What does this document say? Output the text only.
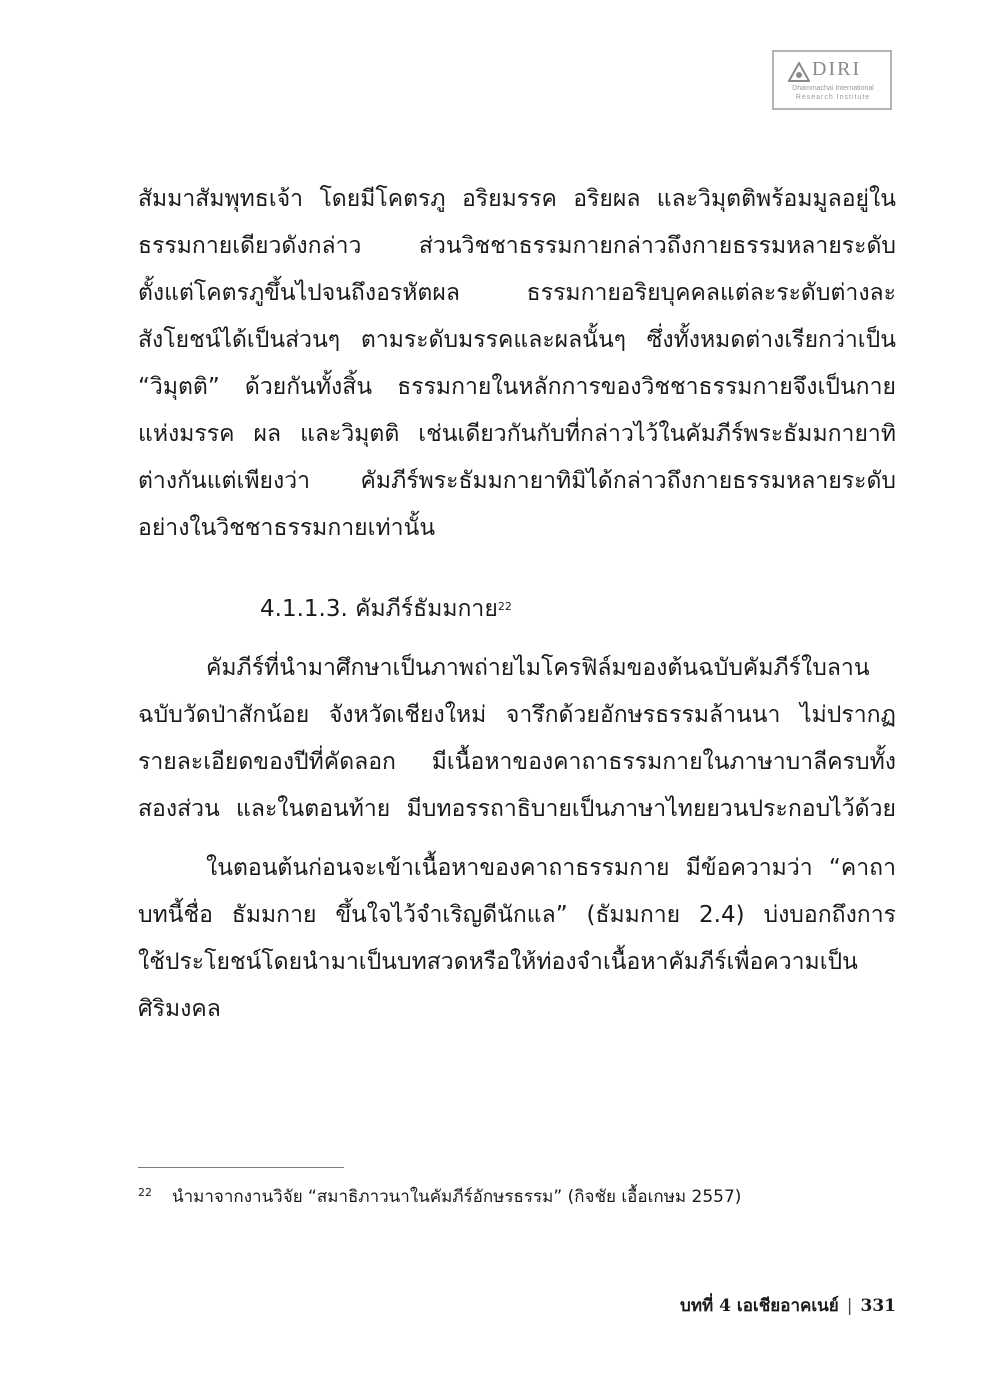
DIRI
Dhammachai International
Research Institute
สัมมาสัมพุทธเจ้า โดยมีโคตรภู อริยมรรค อริยผล และวิมุตติพร้อมมูลอยู่ใน
ธรรมกายเดียวดังกล่าว ส่วนวิชชาธรรมกายกล่าวถึงกายธรรมหลายระดับ
ตั้งแต่โคตรภูขึ้นไปจนถึงอรหัตผล ธรรมกายอริยบุคคลแต่ละระดับต่างละ
สังโยชน์ได้เป็นส่วนๆ ตามระดับมรรคและผลนั้นๆ ซึ่งทั้งหมดต่างเรียกว่าเป็น
“วิมุตติ” ด้วยกันทั้งสิ้น ธรรมกายในหลักการของวิชชาธรรมกายจึงเป็นกาย
แห่งมรรค ผล และวิมุตติ เช่นเดียวกันกับที่กล่าวไว้ในคัมภีร์พระธัมมกายาทิ
ต่างกันแต่เพียงว่า คัมภีร์พระธัมมกายาทิมิได้กล่าวถึงกายธรรมหลายระดับ
อย่างในวิชชาธรรมกายเท่านั้น
4.1.1.3. คัมภีร์ธัมมกาย$^{22}$
คัมภีร์ที่นำมาศึกษาเป็นภาพถ่ายไมโครฟิล์มของต้นฉบับคัมภีร์ใบลาน
ฉบับวัดป่าสักน้อย จังหวัดเชียงใหม่ จารึกด้วยอักษรธรรมล้านนา ไม่ปรากฏ
รายละเอียดของปีที่คัดลอก มีเนื้อหาของคาถาธรรมกายในภาษาบาลีครบทั้ง
สองส่วน และในตอนท้าย มีบทอรรถาธิบายเป็นภาษาไทยยวนประกอบไว้ด้วย
ในตอนต้นก่อนจะเข้าเนื้อหาของคาถาธรรมกาย มีข้อความว่า “คาถา
บทนี้ชื่อ ธัมมกาย ขึ้นใจไว้จำเริญดีนักแล” (ธัมมกาย 2.4) บ่งบอกถึงการ
ใช้ประโยชน์โดยนำมาเป็นบทสวดหรือให้ท่องจำเนื้อหาคัมภีร์เพื่อความเป็น
ศิริมงคล
$^{22}$ นำมาจากงานวิจัย “สมาธิภาวนาในคัมภีร์อักษรธรรม” (กิจชัย เอื้อเกษม 2557)
บทที่ 4 เอเชียอาคเนย์ | 331
